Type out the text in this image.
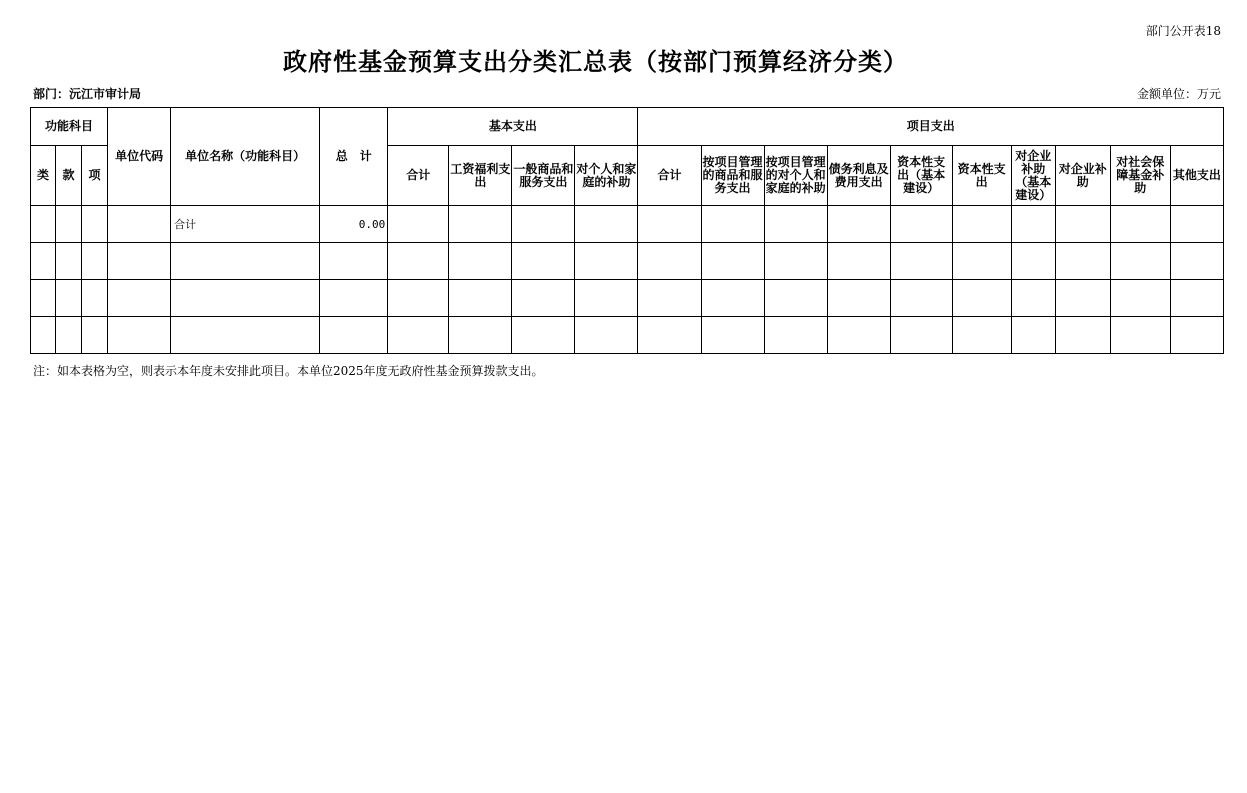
部门公开表18
政府性基金预算支出分类汇总表（按部门预算经济分类）
部门：沅江市审计局	金额单位：万元
功能科目			单位代码	单位名称（功能科目）	总　计	基本支出				项目支出									
类	款	项				合计	工资福利支出	一般商品和服务支出	对个人和家庭的补助	合计	按项目管理的商品和服务支出	按项目管理的对个人和家庭的补助	债务利息及费用支出	资本性支出（基本建设）	资本性支出	对企业补助（基本建设）	对企业补助	对社会保障基金补助	其他支出
				合计	0.00														

注：如本表格为空，则表示本年度未安排此项目。本单位2025年度无政府性基金预算拨款支出。
